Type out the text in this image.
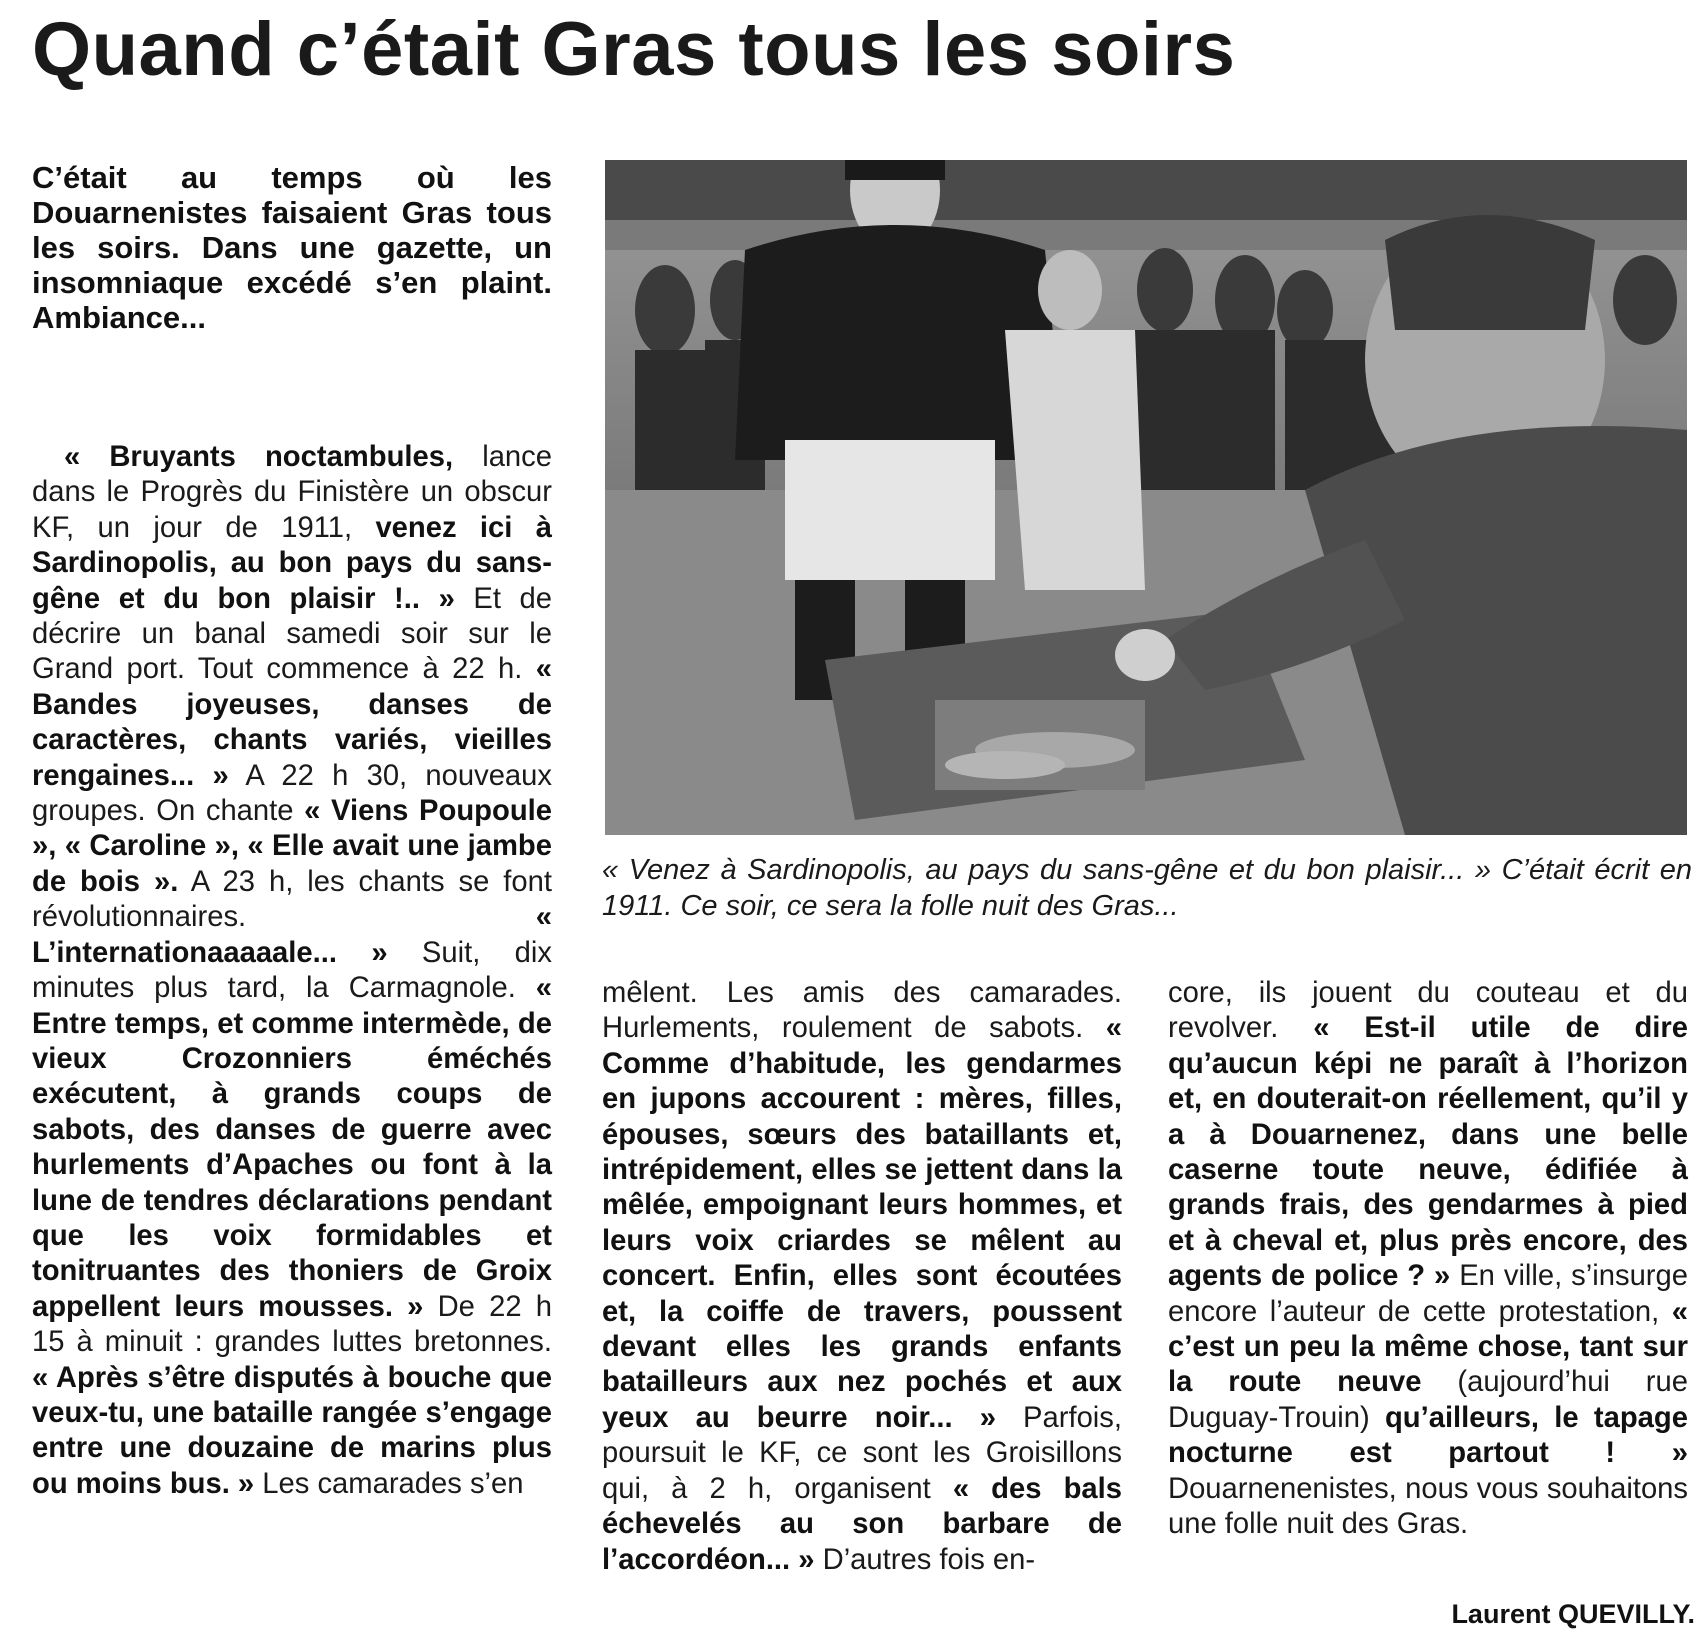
Quand c’était Gras tous les soirs

C’était au temps où les Douarnenistes faisaient Gras tous les soirs. Dans une gazette, un insomniaque excédé s’en plaint. Ambiance...

« Bruyants noctambules, lance dans le Progrès du Finistère un obscur KF, un jour de 1911, venez ici à Sardinopolis, au bon pays du sans-gêne et du bon plaisir !.. » Et de décrire un banal samedi soir sur le Grand port. Tout commence à 22 h. « Bandes joyeuses, danses de caractères, chants variés, vieilles rengaines... » A 22 h 30, nouveaux groupes. On chante « Viens Poupoule », « Caroline », « Elle avait une jambe de bois ». A 23 h, les chants se font révolutionnaires. « L’internationaaaaale... » Suit, dix minutes plus tard, la Carmagnole. « Entre temps, et comme intermède, de vieux Crozonniers éméchés exécutent, à grands coups de sabots, des danses de guerre avec hurlements d’Apaches ou font à la lune de tendres déclarations pendant que les voix formidables et tonitruantes des thoniers de Groix appellent leurs mousses. » De 22 h 15 à minuit : grandes luttes bretonnes. « Après s’être disputés à bouche que veux-tu, une bataille rangée s’engage entre une douzaine de marins plus ou moins bus. » Les camarades s’en

mêlent. Les amis des camarades. Hurlements, roulement de sabots. « Comme d’habitude, les gendarmes en jupons accourent : mères, filles, épouses, sœurs des bataillants et, intrépidement, elles se jettent dans la mêlée, empoignant leurs hommes, et leurs voix criardes se mêlent au concert. Enfin, elles sont écoutées et, la coiffe de travers, poussent devant elles les grands enfants batailleurs aux nez pochés et aux yeux au beurre noir... » Parfois, poursuit le KF, ce sont les Groisillons qui, à 2 h, organisent « des bals échevelés au son barbare de l’accordéon... » D’autres fois en-

core, ils jouent du couteau et du revolver. « Est-il utile de dire qu’aucun képi ne paraît à l’horizon et, en douterait-on réellement, qu’il y a à Douarnenez, dans une belle caserne toute neuve, édifiée à grands frais, des gendarmes à pied et à cheval et, plus près encore, des agents de police ? » En ville, s’insurge encore l’auteur de cette protestation, « c’est un peu la même chose, tant sur la route neuve (aujourd’hui rue Duguay-Trouin) qu’ailleurs, le tapage nocturne est partout ! » Douarnenenistes, nous vous souhaitons une folle nuit des Gras.

« Venez à Sardinopolis, au pays du sans-gêne et du bon plaisir... » C’était écrit en 1911. Ce soir, ce sera la folle nuit des Gras...

Laurent QUEVILLY.
